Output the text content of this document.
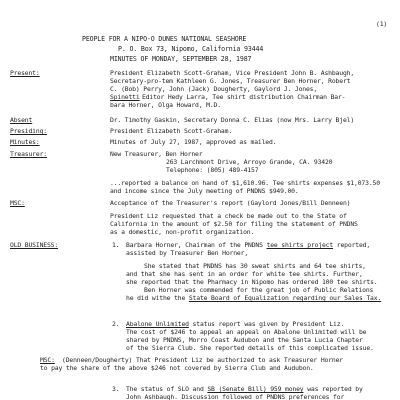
(1)
PEOPLE FOR A NIPO-O DUNES NATIONAL SEASHORE
P. O. Box 73, Nipomo, California 93444
MINUTES OF MONDAY, SEPTEMBER 28, 1987
Present:	President Elizabeth Scott-Graham, Vice President John B. Ashbaugh,
Secretary-pro-tem Kathleen G. Jones, Treasurer Ben Horner, Robert
C. (Bob) Perry, John (Jack) Dougherty, Gaylord J. Jones,
Spinetti Editor Hedy Larra, Tee shirt distribution Chairman Bar-
bara Horner, Olga Howard, M.D.
Absent	Dr. Timothy Gaskin, Secretary Donna C. Elias (now Mrs. Larry Bjel)
Presiding:	President Elizabeth Scott-Graham.
Minutes:	Minutes of July 27, 1987, approved as mailed.
Treasurer:	New Treasurer, Ben Horner
263 Larchmont Drive, Arroyo Grande, CA. 93420
Telephone: (805) 489-4157
...reported a balance on hand of $1,610.96. Tee shirts expenses $1,073.50
and income since the July meeting of PNDNS $949.00.
MSC:	Acceptance of the Treasurer's report (Gaylord Jones/Bill Denneen)
President Liz requested that a check be made out to the State of
California in the amount of $2.50 for filing the statement of PNDNS
as a domestic, non-profit organization.
OLD BUSINESS:	1. Barbara Horner, Chairman of the PNDNS tee shirts project reported,
assisted by Treasurer Ben Horner,
She stated that PNDNS has 30 sweat shirts and 64 tee shirts,
and that she has sent in an order for white tee shirts. Further,
she reported that the Pharmacy in Nipomo has ordered 100 tee shirts.
Ben Horner was commended for the great job of Public Relations
he did withe the State Board of Equalization regarding our Sales Tax.
2. Abalone Unlimited status report was given by President Liz.
The cost of $246 to appeal an appeal on Abalone Unlimited will be
shared by PNDNS, Morro Coast Audubon and the Santa Lucia Chapter
of the Sierra Club. She reported details of this complicated issue.
MSC: (Denneen/Dougherty) That President Liz be authorized to ask Treasurer Horner
to pay the share of the above $246 not covered by Sierra Club and Audubon.
3. The status of SLO and SB (Senate Bill) 959 money was reported by
John Ashbaugh. Discussion followed of PNDNS preferences for
